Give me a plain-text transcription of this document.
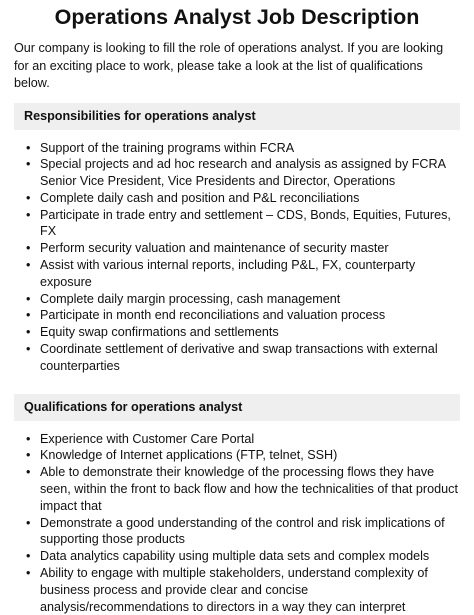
Operations Analyst Job Description

Our company is looking to fill the role of operations analyst. If you are looking for an exciting place to work, please take a look at the list of qualifications below.

Responsibilities for operations analyst
• Support of the training programs within FCRA
• Special projects and ad hoc research and analysis as assigned by FCRA Senior Vice President, Vice Presidents and Director, Operations
• Complete daily cash and position and P&L reconciliations
• Participate in trade entry and settlement – CDS, Bonds, Equities, Futures, FX
• Perform security valuation and maintenance of security master
• Assist with various internal reports, including P&L, FX, counterparty exposure
• Complete daily margin processing, cash management
• Participate in month end reconciliations and valuation process
• Equity swap confirmations and settlements
• Coordinate settlement of derivative and swap transactions with external counterparties
Qualifications for operations analyst
• Experience with Customer Care Portal
• Knowledge of Internet applications (FTP, telnet, SSH)
• Able to demonstrate their knowledge of the processing flows they have seen, within the front to back flow and how the technicalities of that product impact that
• Demonstrate a good understanding of the control and risk implications of supporting those products
• Data analytics capability using multiple data sets and complex models
• Ability to engage with multiple stakeholders, understand complexity of business process and provide clear and concise analysis/recommendations to directors in a way they can interpret
